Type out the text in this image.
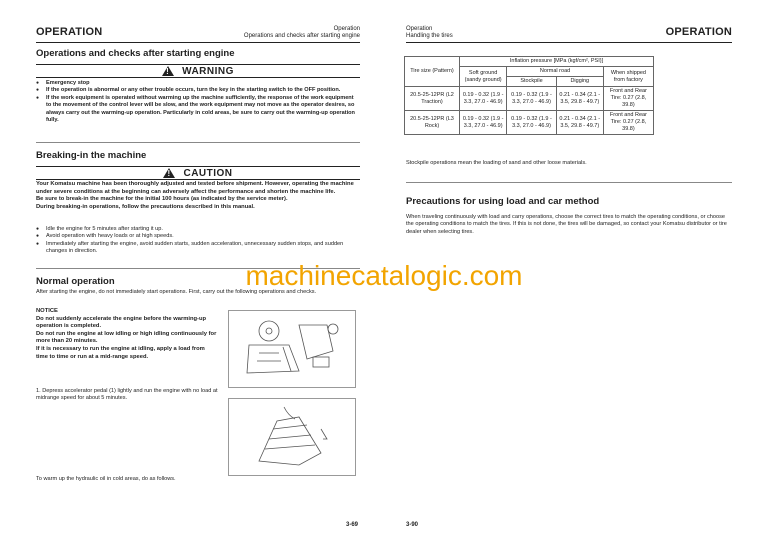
OPERATION	Operation
Operations and checks after starting engine
Operations and checks after starting engine
!
WARNING
● Emergency stop
● If the operation is abnormal or any other trouble occurs, turn the key in the starting switch to the OFF position.
● If the work equipment is operated without warming up the machine sufficiently, the response of the work equipment to the movement of the control lever will be slow, and the work equipment may not move as the operator desires, so always carry out the warming-up operation. Particularly in cold areas, be sure to carry out the warming-up operation fully.
Breaking-in the machine
!
CAUTION
Your Komatsu machine has been thoroughly adjusted and tested before shipment. However, operating the machine under severe conditions at the beginning can adversely affect the performance and shorten the machine life.
Be sure to break-in the machine for the initial 100 hours (as indicated by the service meter).
During breaking-in operations, follow the precautions described in this manual.
● Idle the engine for 5 minutes after starting it up.
● Avoid operation with heavy loads or at high speeds.
● Immediately after starting the engine, avoid sudden starts, sudden acceleration, unnecessary sudden stops, and sudden changes in direction.
Normal operation
After starting the engine, do not immediately start operations. First, carry out the following operations and checks.
NOTICE
Do not suddenly accelerate the engine before the warming-up operation is completed.
Do not run the engine at low idling or high idling continuously for more than 20 minutes.
If it is necessary to run the engine at idling, apply a load from time to time or run at a mid-range speed.
1. Depress accelerator pedal (1) lightly and run the engine with no load at midrange speed for about 5 minutes.
To warm up the hydraulic oil in cold areas, do as follows.
3-69
Operation
Handling the tires	OPERATION
Tire size (Pattern)	Inflation pressure [MPa (kgf/cm², PSI)]			
	Soft ground (sandy ground)	Normal road		When shipped from factory
		Stockpile	Digging	
20.5-25-12PR (L2 Traction)	0.19 - 0.32 (1.9 - 3.3, 27.0 - 46.9)	0.19 - 0.32 (1.9 - 3.3, 27.0 - 46.9)	0.21 - 0.34 (2.1 - 3.5, 29.8 - 49.7)	Front and Rear Tire: 0.27 (2.8, 39.8)
20.5-25-12PR (L3 Rock)	0.19 - 0.32 (1.9 - 3.3, 27.0 - 46.9)	0.19 - 0.32 (1.9 - 3.3, 27.0 - 46.9)	0.21 - 0.34 (2.1 - 3.5, 29.8 - 49.7)	Front and Rear Tire: 0.27 (2.8, 39.8)
Stockpile operations mean the loading of sand and other loose materials.
Precautions for using load and car method
When traveling continuously with load and carry operations, choose the correct tires to match the operating conditions, or choose the operating conditions to match the tires. If this is not done, the tires will be damaged, so contact your Komatsu distributor or tire dealer when selecting tires.
3-90
machinecatalogic.com
